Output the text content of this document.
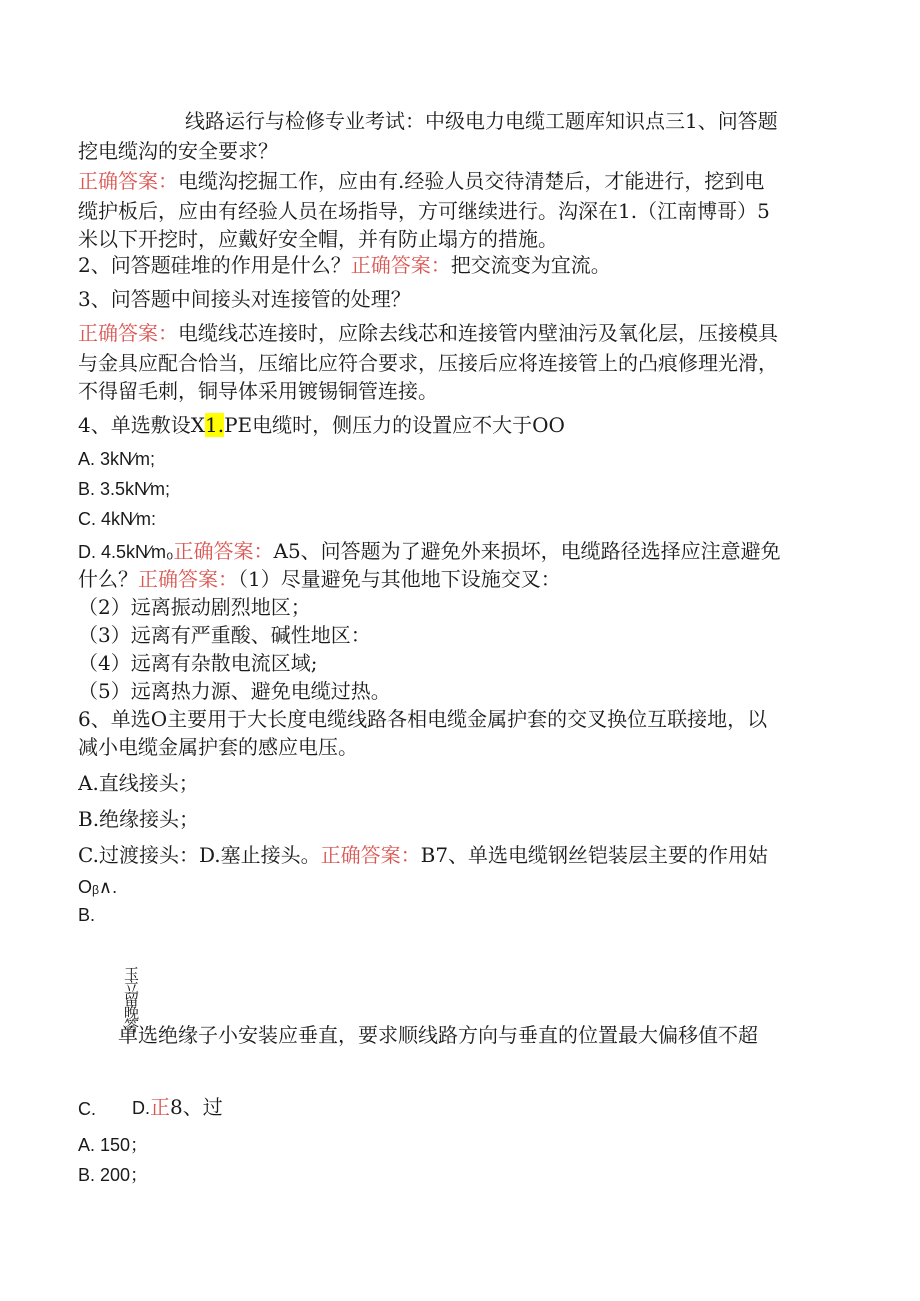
线路运行与检修专业考试：中级电力电缆工题库知识点三1、问答题
挖电缆沟的安全要求？
正确答案：电缆沟挖掘工作，应由有.经验人员交待清楚后，才能进行，挖到电
缆护板后，应由有经验人员在场指导，方可继续进行。沟深在1.（江南博哥）5
米以下开挖时，应戴好安全帽，并有防止塌方的措施。
2、问答题硅堆的作用是什么？正确答案：把交流变为宜流。
3、问答题中间接头对连接管的处理？
正确答案：电缆线芯连接时，应除去线芯和连接管内壁油污及氧化层，压接模具
与金具应配合恰当，压缩比应符合要求，压接后应将连接管上的凸痕修理光滑，
不得留毛刺，铜导体采用镀锡铜管连接。
4、单选敷设X1.PE电缆时，侧压力的设置应不大于OO
A. 3kN∕m;
B. 3.5kN∕m;
C. 4kN∕m:
D. 4.5kN∕m₀正确答案：A5、问答题为了避免外来损坏，电缆路径选择应注意避免
什么？正确答案：（1）尽量避免与其他地下设施交叉：
（2）远离振动剧烈地区；
（3）远离有严重酸、碱性地区：
（4）远离有杂散电流区域;
（5）远离热力源、避免电缆过热。
6、单选O主要用于大长度电缆线路各相电缆金属护套的交叉换位互联接地，以
减小电缆金属护套的感应电压。
A.直线接头；
B.绝缘接头；
C.过渡接头：D.塞止接头。正确答案：B7、单选电缆钢丝铠装层主要的作用姑
Oᵦ∧.
B.
玉立留晚答
单选绝缘子小安装应垂直，要求顺线路方向与垂直的位置最大偏移值不超
C.	D.正8、过
A. 150；
B. 200；
